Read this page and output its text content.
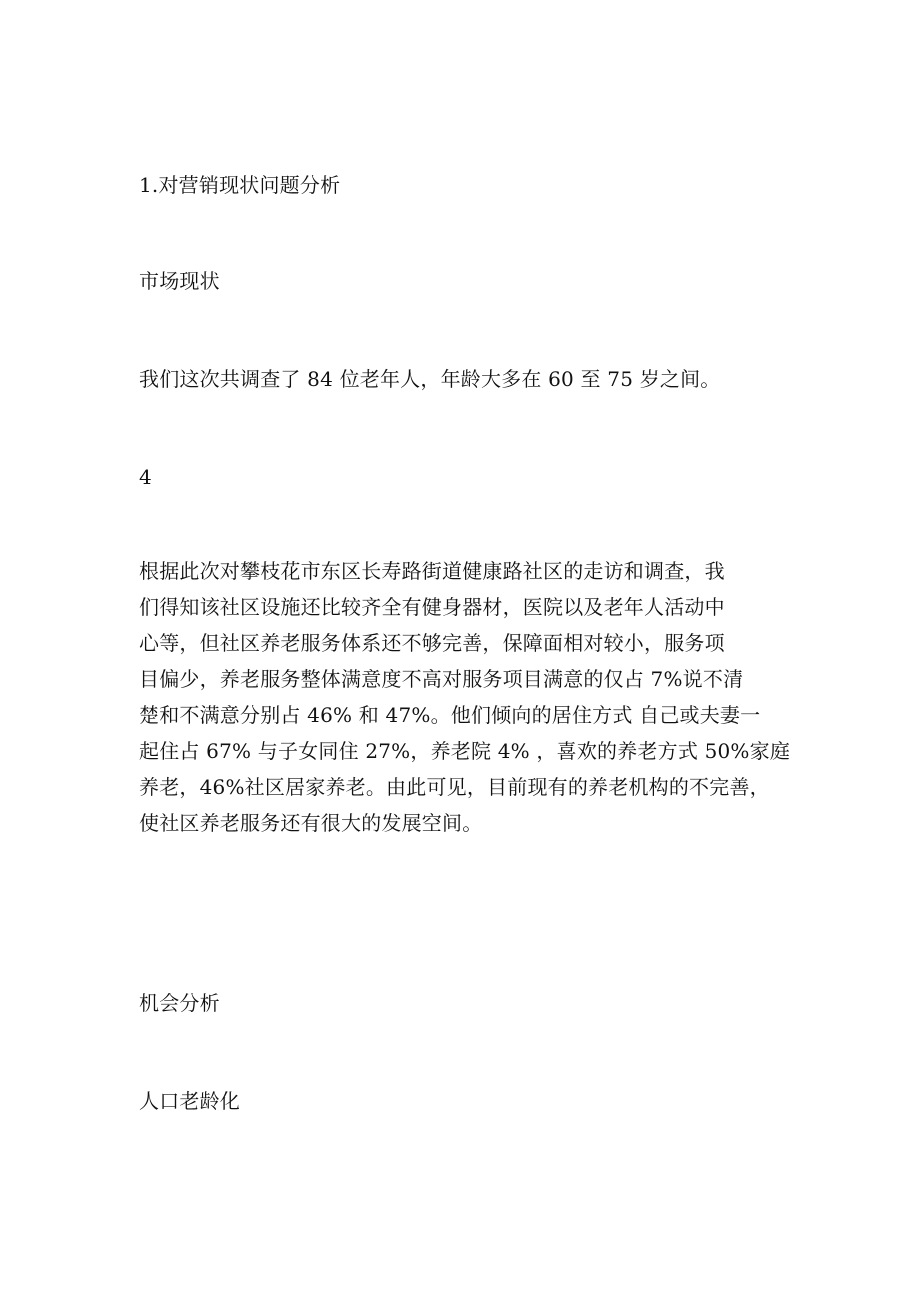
1.对营销现状问题分析
市场现状
我们这次共调查了 84 位老年人，年龄大多在 60 至 75 岁之间。
4
根据此次对攀枝花市东区长寿路街道健康路社区的走访和调查，我
们得知该社区设施还比较齐全有健身器材，医院以及老年人活动中
心等，但社区养老服务体系还不够完善，保障面相对较小，服务项
目偏少，养老服务整体满意度不高对服务项目满意的仅占 7%说不清
楚和不满意分别占 46% 和 47%。他们倾向的居住方式 自己或夫妻一
起住占 67% 与子女同住 27%，养老院 4% ，喜欢的养老方式 50%家庭
养老，46%社区居家养老。由此可见，目前现有的养老机构的不完善，
使社区养老服务还有很大的发展空间。
机会分析
人口老龄化
